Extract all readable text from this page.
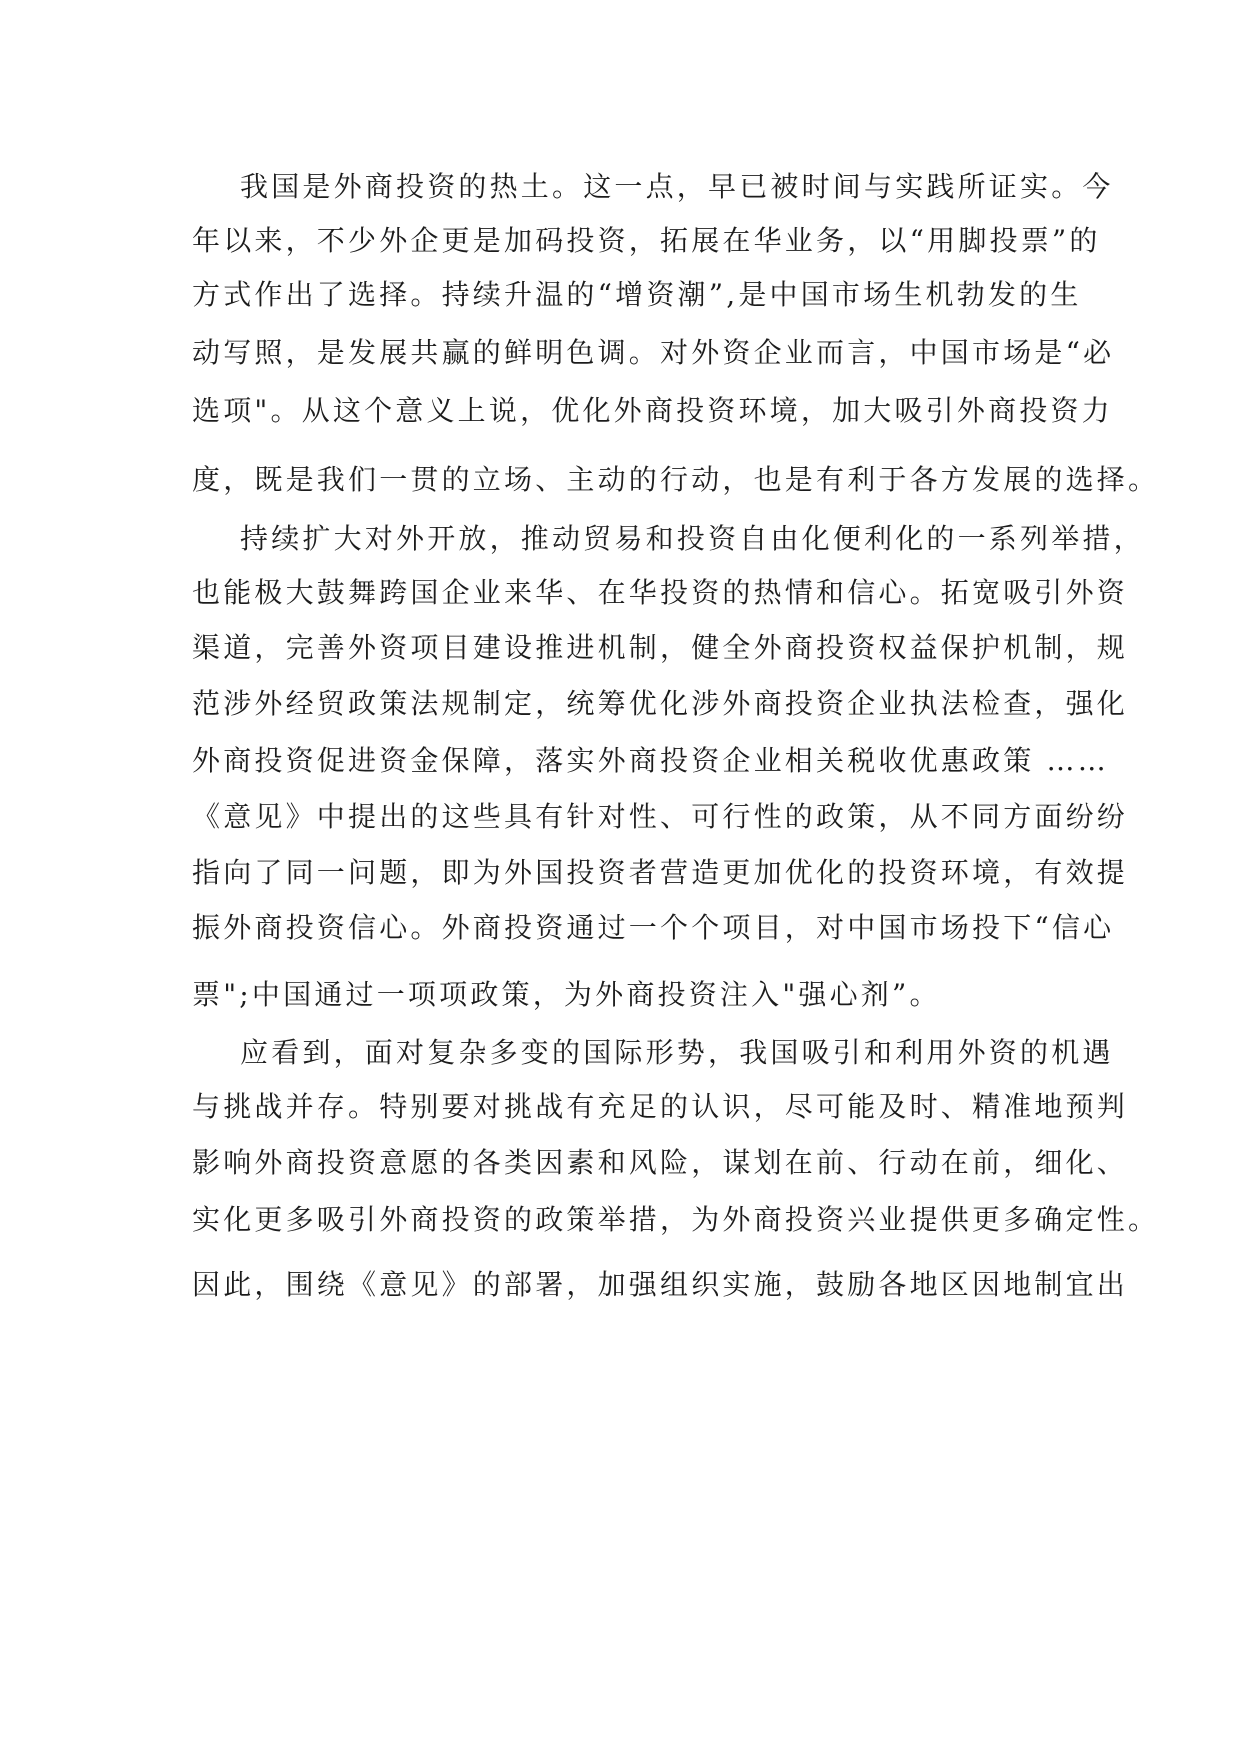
我国是外商投资的热土。这一点，早已被时间与实践所证实。今
年以来，不少外企更是加码投资，拓展在华业务，以“用脚投票”的
方式作出了选择。持续升温的“增资潮”,是中国市场生机勃发的生
动写照，是发展共赢的鲜明色调。对外资企业而言，中国市场是“必
选项"。从这个意义上说，优化外商投资环境，加大吸引外商投资力
度，既是我们一贯的立场、主动的行动，也是有利于各方发展的选择。
持续扩大对外开放，推动贸易和投资自由化便利化的一系列举措，
也能极大鼓舞跨国企业来华、在华投资的热情和信心。拓宽吸引外资
渠道，完善外资项目建设推进机制，健全外商投资权益保护机制，规
范涉外经贸政策法规制定，统筹优化涉外商投资企业执法检查，强化
外商投资促进资金保障，落实外商投资企业相关税收优惠政策 ……
《意见》中提出的这些具有针对性、可行性的政策，从不同方面纷纷
指向了同一问题，即为外国投资者营造更加优化的投资环境，有效提
振外商投资信心。外商投资通过一个个项目，对中国市场投下“信心
票";中国通过一项项政策，为外商投资注入"强心剂”。
应看到，面对复杂多变的国际形势，我国吸引和利用外资的机遇
与挑战并存。特别要对挑战有充足的认识，尽可能及时、精准地预判
影响外商投资意愿的各类因素和风险，谋划在前、行动在前，细化、
实化更多吸引外商投资的政策举措，为外商投资兴业提供更多确定性。
因此，围绕《意见》的部署，加强组织实施，鼓励各地区因地制宜出
